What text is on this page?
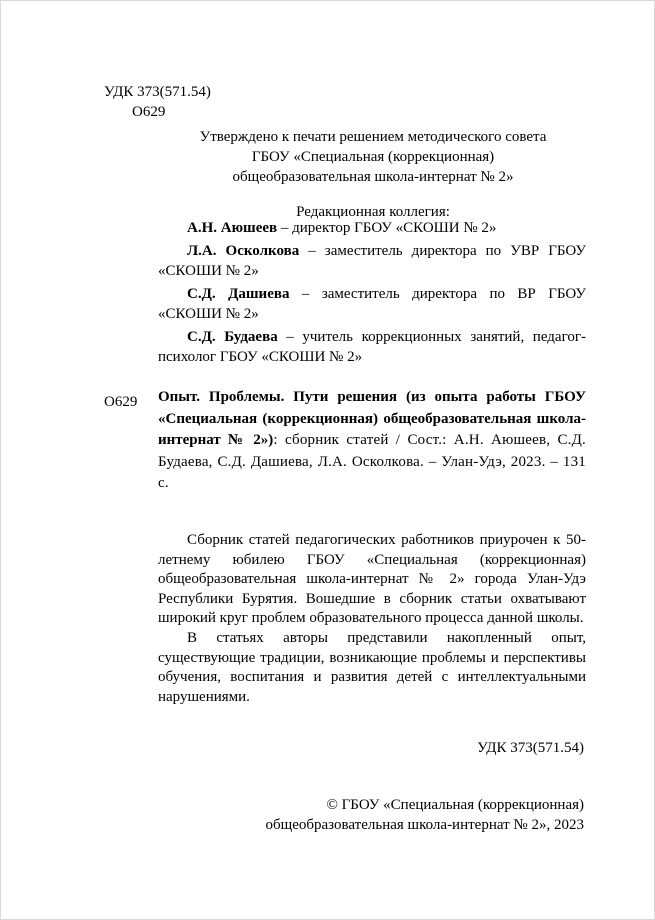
УДК 373(571.54)
О629
Утверждено к печати решением методического совета
ГБОУ «Специальная (коррекционная)
общеобразовательная школа-интернат № 2»
Редакционная коллегия:
А.Н. Аюшеев – директор ГБОУ «СКОШИ № 2»
Л.А. Осколкова – заместитель директора по УВР ГБОУ «СКОШИ № 2»
С.Д. Дашиева – заместитель директора по ВР ГБОУ «СКОШИ № 2»
С.Д. Будаева – учитель коррекционных занятий, педагог-психолог ГБОУ «СКОШИ № 2»
О629 Опыт. Проблемы. Пути решения (из опыта работы ГБОУ «Специальная (коррекционная) общеобразовательная школа-интернат № 2»): сборник статей / Сост.: А.Н. Аюшеев, С.Д. Будаева, С.Д. Дашиева, Л.А. Осколкова. – Улан-Удэ, 2023. – 131 с.

Сборник статей педагогических работников приурочен к 50-летнему юбилею ГБОУ «Специальная (коррекционная) общеобразовательная школа-интернат № 2» города Улан-Удэ Республики Бурятия. Вошедшие в сборник статьи охватывают широкий круг проблем образовательного процесса данной школы.

В статьях авторы представили накопленный опыт, существующие традиции, возникающие проблемы и перспективы обучения, воспитания и развития детей с интеллектуальными нарушениями.

УДК 373(571.54)
© ГБОУ «Специальная (коррекционная)
общеобразовательная школа-интернат № 2», 2023
